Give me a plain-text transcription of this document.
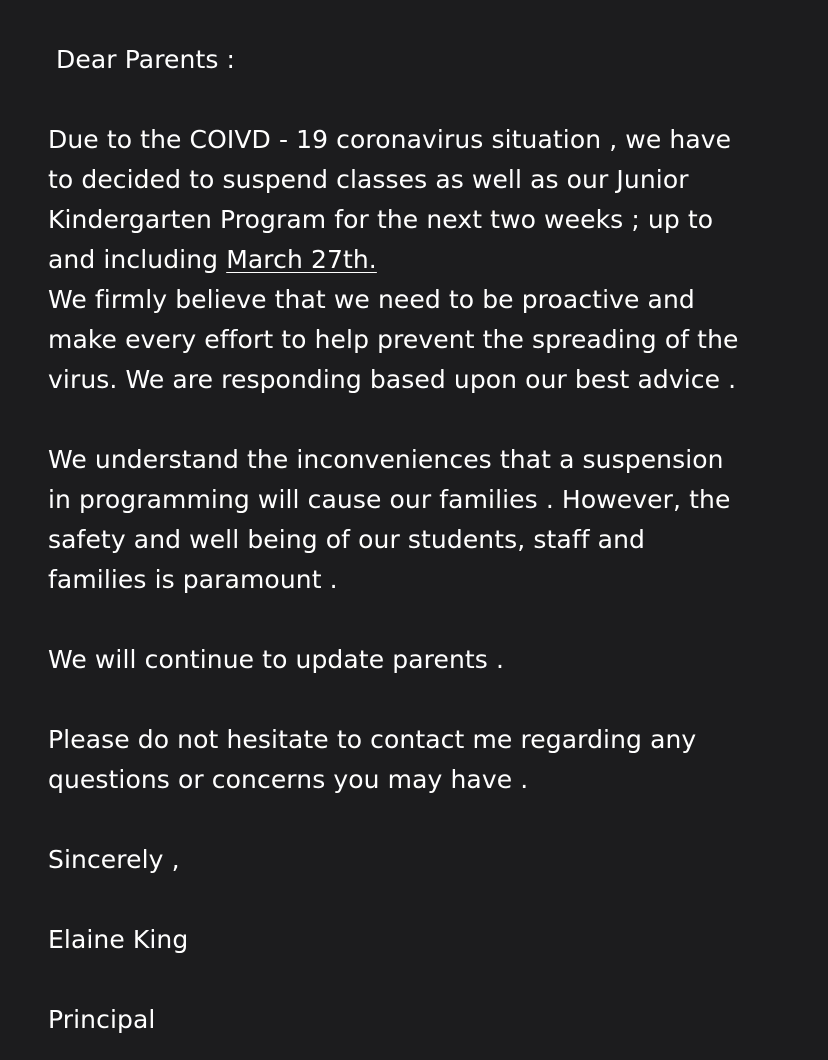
Dear Parents :
Due to the COIVD - 19 coronavirus situation , we have
to decided to suspend classes as well as our Junior
Kindergarten Program for the next two weeks ; up to
and including March 27th.
We firmly believe that we need to be proactive and
make every effort to help prevent the spreading of the
virus. We are responding based upon our best advice .
We understand the inconveniences that a suspension
in programming will cause our families . However, the
safety and well being of our students, staff and
families is paramount .
We will continue to update parents .
Please do not hesitate to contact me regarding any
questions or concerns you may have .
Sincerely ,
Elaine King
Principal
